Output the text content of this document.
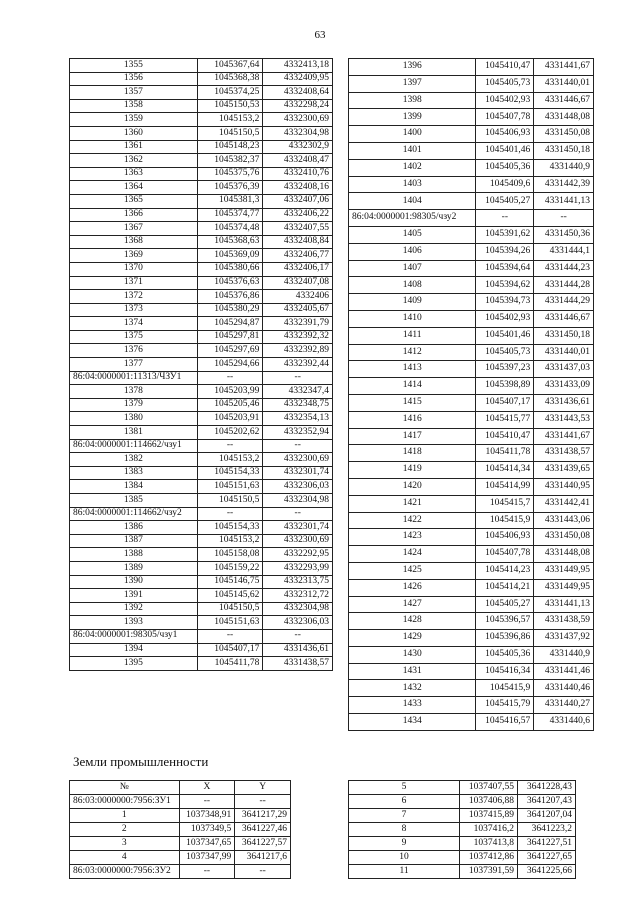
63
1355	1045367,64	4332413,18
1356	1045368,38	4332409,95
1357	1045374,25	4332408,64
1358	1045150,53	4332298,24
1359	1045153,2	4332300,69
1360	1045150,5	4332304,98
1361	1045148,23	4332302,9
1362	1045382,37	4332408,47
1363	1045375,76	4332410,76
1364	1045376,39	4332408,16
1365	1045381,3	4332407,06
1366	1045374,77	4332406,22
1367	1045374,48	4332407,55
1368	1045368,63	4332408,84
1369	1045369,09	4332406,77
1370	1045380,66	4332406,17
1371	1045376,63	4332407,08
1372	1045376,86	4332406
1373	1045380,29	4332405,67
1374	1045294,87	4332391,79
1375	1045297,81	4332392,32
1376	1045297,69	4332392,89
1377	1045294,66	4332392,44
86:04:0000001:11313/ЧЗУ1	--	--
1378	1045203,99	4332347,4
1379	1045205,46	4332348,75
1380	1045203,91	4332354,13
1381	1045202,62	4332352,94
86:04:0000001:114662/чзу1	--	--
1382	1045153,2	4332300,69
1383	1045154,33	4332301,74
1384	1045151,63	4332306,03
1385	1045150,5	4332304,98
86:04:0000001:114662/чзу2	--	--
1386	1045154,33	4332301,74
1387	1045153,2	4332300,69
1388	1045158,08	4332292,95
1389	1045159,22	4332293,99
1390	1045146,75	4332313,75
1391	1045145,62	4332312,72
1392	1045150,5	4332304,98
1393	1045151,63	4332306,03
86:04:0000001:98305/чзу1	--	--
1394	1045407,17	4331436,61
1395	1045411,78	4331438,57
1396	1045410,47	4331441,67
1397	1045405,73	4331440,01
1398	1045402,93	4331446,67
1399	1045407,78	4331448,08
1400	1045406,93	4331450,08
1401	1045401,46	4331450,18
1402	1045405,36	4331440,9
1403	1045409,6	4331442,39
1404	1045405,27	4331441,13
86:04:0000001:98305/чзу2	--	--
1405	1045391,62	4331450,36
1406	1045394,26	4331444,1
1407	1045394,64	4331444,23
1408	1045394,62	4331444,28
1409	1045394,73	4331444,29
1410	1045402,93	4331446,67
1411	1045401,46	4331450,18
1412	1045405,73	4331440,01
1413	1045397,23	4331437,03
1414	1045398,89	4331433,09
1415	1045407,17	4331436,61
1416	1045415,77	4331443,53
1417	1045410,47	4331441,67
1418	1045411,78	4331438,57
1419	1045414,34	4331439,65
1420	1045414,99	4331440,95
1421	1045415,7	4331442,41
1422	1045415,9	4331443,06
1423	1045406,93	4331450,08
1424	1045407,78	4331448,08
1425	1045414,23	4331449,95
1426	1045414,21	4331449,95
1427	1045405,27	4331441,13
1428	1045396,57	4331438,59
1429	1045396,86	4331437,92
1430	1045405,36	4331440,9
1431	1045416,34	4331441,46
1432	1045415,9	4331440,46
1433	1045415,79	4331440,27
1434	1045416,57	4331440,6
Земли промышленности
№	X	Y
86:03:0000000:7956:ЗУ1	--	--
1	1037348,91	3641217,29
2	1037349,5	3641227,46
3	1037347,65	3641227,57
4	1037347,99	3641217,6
86:03:0000000:7956:ЗУ2	--	--
5	1037407,55	3641228,43
6	1037406,88	3641207,43
7	1037415,89	3641207,04
8	1037416,2	3641223,2
9	1037413,8	3641227,51
10	1037412,86	3641227,65
11	1037391,59	3641225,66
